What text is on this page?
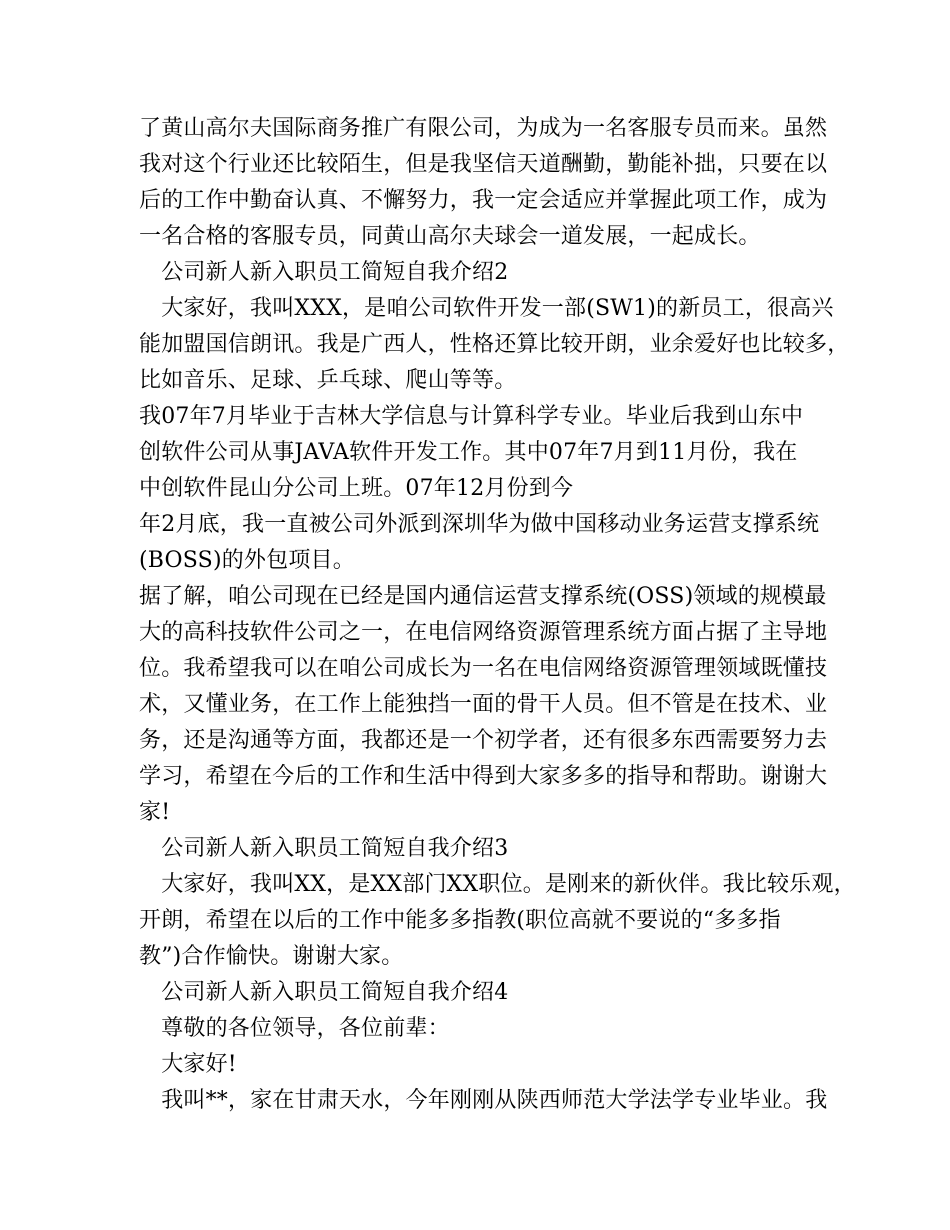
了黄山高尔夫国际商务推广有限公司，为成为一名客服专员而来。虽然
我对这个行业还比较陌生，但是我坚信天道酬勤，勤能补拙，只要在以
后的工作中勤奋认真、不懈努力，我一定会适应并掌握此项工作，成为
一名合格的客服专员，同黄山高尔夫球会一道发展，一起成长。
　公司新人新入职员工简短自我介绍2
　大家好，我叫XXX，是咱公司软件开发一部(SW1)的新员工，很高兴
能加盟国信朗讯。我是广西人，性格还算比较开朗，业余爱好也比较多，
比如音乐、足球、乒乓球、爬山等等。
我07年7月毕业于吉林大学信息与计算科学专业。毕业后我到山东中
创软件公司从事JAVA软件开发工作。其中07年7月到11月份，我在
中创软件昆山分公司上班。07年12月份到今
年2月底，我一直被公司外派到深圳华为做中国移动业务运营支撑系统
(BOSS)的外包项目。
据了解，咱公司现在已经是国内通信运营支撑系统(OSS)领域的规模最
大的高科技软件公司之一，在电信网络资源管理系统方面占据了主导地
位。我希望我可以在咱公司成长为一名在电信网络资源管理领域既懂技
术，又懂业务，在工作上能独挡一面的骨干人员。但不管是在技术、业
务，还是沟通等方面，我都还是一个初学者，还有很多东西需要努力去
学习，希望在今后的工作和生活中得到大家多多的指导和帮助。谢谢大
家!
　公司新人新入职员工简短自我介绍3
　大家好，我叫XX，是XX部门XX职位。是刚来的新伙伴。我比较乐观，
开朗，希望在以后的工作中能多多指教(职位高就不要说的“多多指
教”)合作愉快。谢谢大家。
　公司新人新入职员工简短自我介绍4
　尊敬的各位领导，各位前辈：
　大家好!
　我叫**，家在甘肃天水，今年刚刚从陕西师范大学法学专业毕业。我
